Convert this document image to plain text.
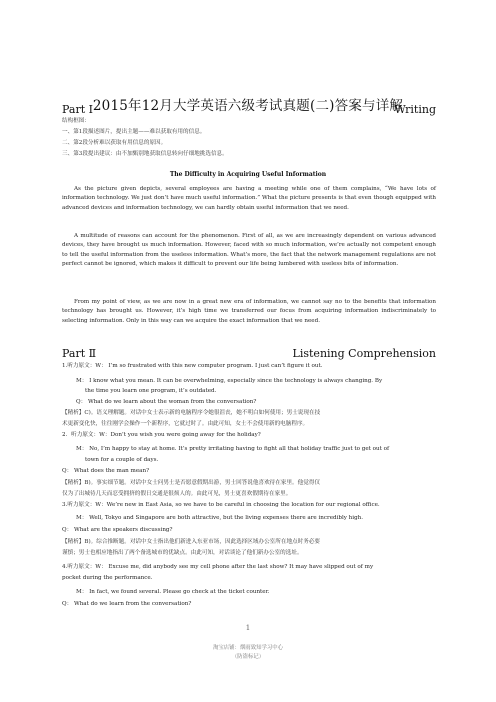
2015年12月大学英语六级考试真题(二)答案与详解
Part Ⅰ	Writing
结构框图：
一、第1段描述图片，提出主题——难以获取有用的信息。
二、第2段分析难以获取有用信息的原因。
三、第3段提出建议：由不加甄别地获取信息转向仔细地挑选信息。
The Difficulty in Acquiring Useful Information
As the picture given depicts, several employees are having a meeting while one of them complains, “We have lots of information technology. We just don’t have much useful information.” What the picture presents is that even though equipped with advanced devices and information technology, we can hardly obtain useful information that we need.
A multitude of reasons can account for the phenomenon. First of all, as we are increasingly dependent on various advanced devices, they have brought us much information. However, faced with so much information, we’re actually not competent enough to tell the useful information from the useless information. What’s more, the fact that the network management regulations are not perfect cannot be ignored, which makes it difficult to prevent our life being lumbered with useless bits of information.
From my point of view, as we are now in a great new era of information, we cannot say no to the benefits that information technology has brought us. However, it’s high time we transferred our focus from acquiring information indiscriminately to selecting information. Only in this way can we acquire the exact information that we need.
Part Ⅱ	Listening Comprehension
1.听力原文：W： I’m so frustrated with this new computer program. I just can’t figure it out.
M： I know what you mean. It can be overwhelming, especially since the technology is always changing. By
the time you learn one program, it’s outdated.
Q： What do we learn about the woman from the conversation?
【精析】C)。语义理解题。对话中女士表示新的电脑程序令她很沮丧，她不明白如何使用；男士说现在技
术更新变化快，往往刚学会操作一个新程序，它就过时了。由此可知，女士不会使用新的电脑程序。
2．听力原文：W：Don’t you wish you were going away for the holiday?
M： No, I’m happy to stay at home. It’s pretty irritating having to fight all that holiday traffic just to get out of
town for a couple of days.
Q： What does the man mean?
【精析】B)。事实细节题。对话中女士问男士是否愿意假期出游，男士回答说他喜欢待在家里。他觉得仅
仅为了出城待几天而忍受拥挤的假日交通是很烦人的。由此可见，男士更喜欢假期待在家里。
3.听力原文：W：We’re new in East Asia, so we have to be careful in choosing the location for our regional office.
M： Well, Tokyo and Singapore are both attractive, but the living expenses there are incredibly high.
Q： What are the speakers discussing?
【精析】B)。综合推断题。对话中女士指出他们新进入东亚市场，因此选择区域办公室所在地点时务必要
谨慎；男士也相应地指出了两个备选城市的优缺点。由此可知，对话谈论了他们新办公室的选址。
4.听力原文：W： Excuse me, did anybody see my cell phone after the last show? It may have slipped out of my
pocket during the performance.
M： In fact, we found several. Please go check at the ticket counter.
Q： What do we learn from the conversation?
1
淘宝店铺：烟雨致知学习中心
（防盗标记）
